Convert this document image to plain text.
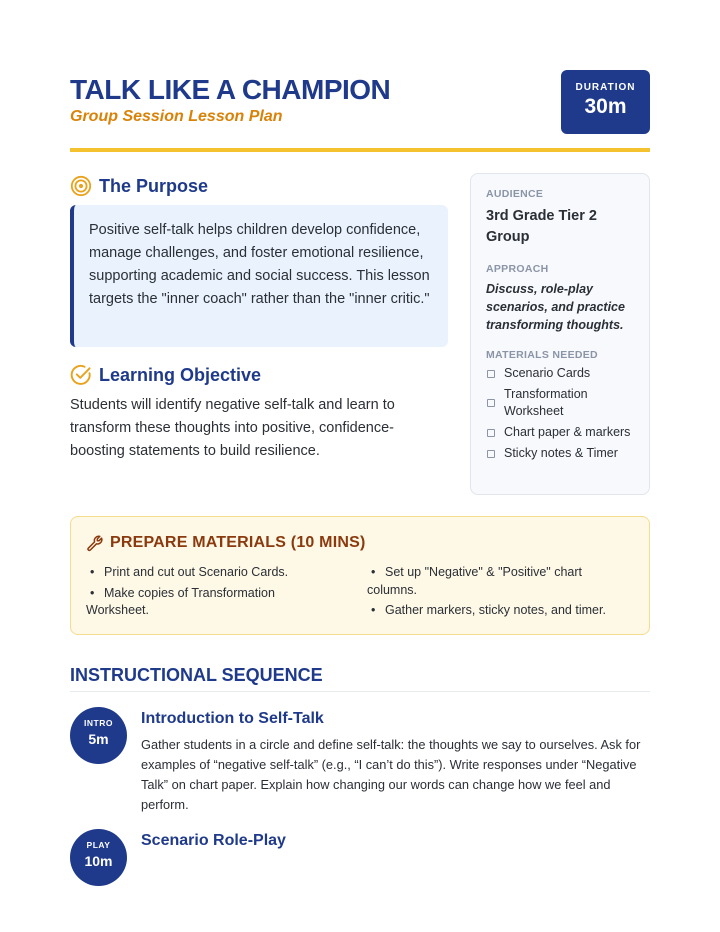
TALK LIKE A CHAMPION
Group Session Lesson Plan
DURATION
30m
The Purpose
Positive self-talk helps children develop confidence, manage challenges, and foster emotional resilience, supporting academic and social success. This lesson targets the "inner coach" rather than the "inner critic."
Learning Objective
Students will identify negative self-talk and learn to transform these thoughts into positive, confidence-boosting statements to build resilience.
AUDIENCE
3rd Grade Tier 2 Group
APPROACH
Discuss, role-play scenarios, and practice transforming thoughts.
MATERIALS NEEDED
Scenario Cards
Transformation Worksheet
Chart paper & markers
Sticky notes & Timer
PREPARE MATERIALS (10 MINS)
• Print and cut out Scenario Cards.
• Make copies of Transformation Worksheet.
• Set up "Negative" & "Positive" chart columns.
• Gather markers, sticky notes, and timer.
INSTRUCTIONAL SEQUENCE
INTRO
5m
Introduction to Self-Talk
Gather students in a circle and define self-talk: the thoughts we say to ourselves. Ask for examples of “negative self-talk” (e.g., “I can’t do this”). Write responses under “Negative Talk” on chart paper. Explain how changing our words can change how we feel and perform.
PLAY
10m
Scenario Role-Play
